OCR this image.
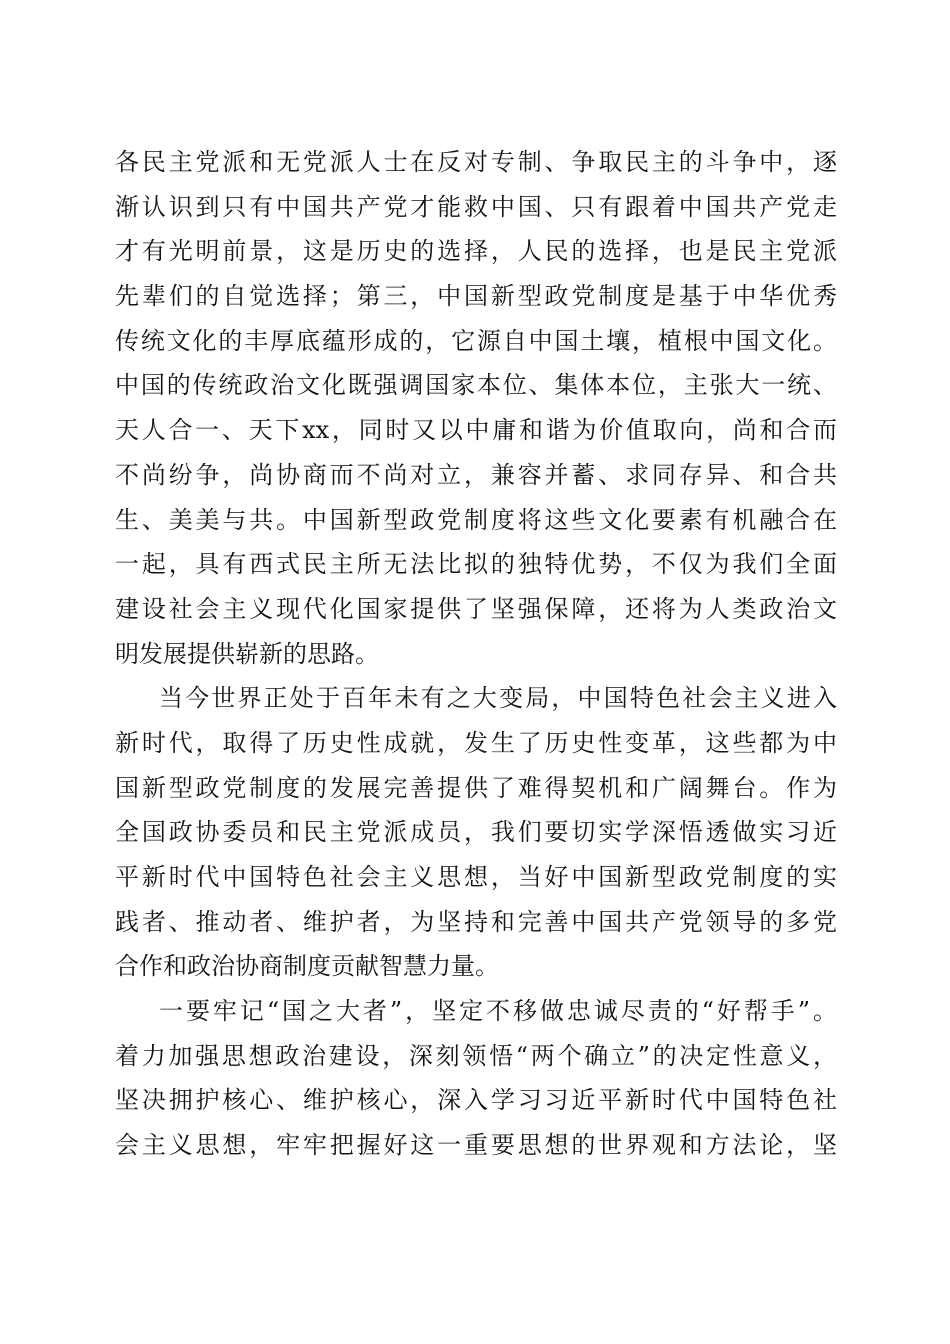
各民主党派和无党派人士在反对专制、争取民主的斗争中，逐
渐认识到只有中国共产党才能救中国、只有跟着中国共产党走
才有光明前景，这是历史的选择，人民的选择，也是民主党派
先辈们的自觉选择；第三，中国新型政党制度是基于中华优秀
传统文化的丰厚底蕴形成的，它源自中国土壤，植根中国文化。
中国的传统政治文化既强调国家本位、集体本位，主张大一统、
天人合一、天下xx，同时又以中庸和谐为价值取向，尚和合而
不尚纷争，尚协商而不尚对立，兼容并蓄、求同存异、和合共
生、美美与共。中国新型政党制度将这些文化要素有机融合在
一起，具有西式民主所无法比拟的独特优势，不仅为我们全面
建设社会主义现代化国家提供了坚强保障，还将为人类政治文
明发展提供崭新的思路。
当今世界正处于百年未有之大变局，中国特色社会主义进入
新时代，取得了历史性成就，发生了历史性变革，这些都为中
国新型政党制度的发展完善提供了难得契机和广阔舞台。作为
全国政协委员和民主党派成员，我们要切实学深悟透做实习近
平新时代中国特色社会主义思想，当好中国新型政党制度的实
践者、推动者、维护者，为坚持和完善中国共产党领导的多党
合作和政治协商制度贡献智慧力量。
一要牢记“国之大者”，坚定不移做忠诚尽责的“好帮手”。
着力加强思想政治建设，深刻领悟“两个确立”的决定性意义，
坚决拥护核心、维护核心，深入学习习近平新时代中国特色社
会主义思想，牢牢把握好这一重要思想的世界观和方法论，坚
